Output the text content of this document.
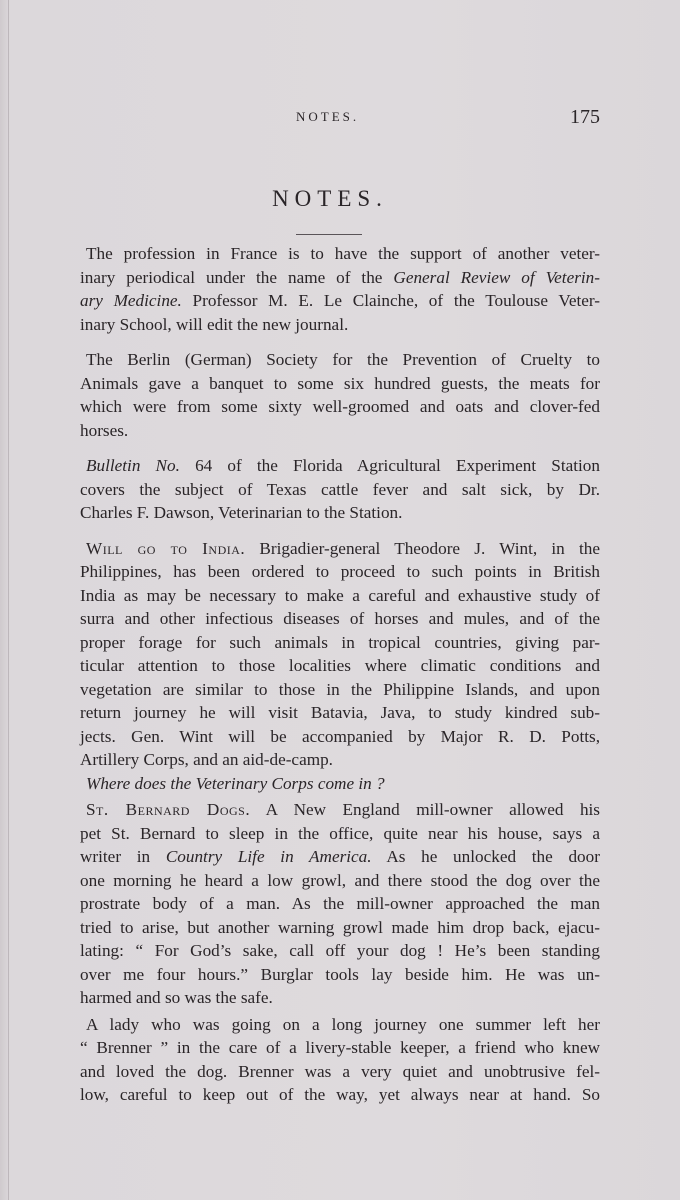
NOTES.	175
NOTES.
The profession in France is to have the support of another veter-
inary periodical under the name of the General Review of Veterin-
ary Medicine. Professor M. E. Le Clainche, of the Toulouse Veter-
inary School, will edit the new journal.
The Berlin (German) Society for the Prevention of Cruelty to
Animals gave a banquet to some six hundred guests, the meats for
which were from some sixty well-groomed and oats and clover-fed
horses.
Bulletin No. 64 of the Florida Agricultural Experiment Station
covers the subject of Texas cattle fever and salt sick, by Dr.
Charles F. Dawson, Veterinarian to the Station.
Will go to India. Brigadier-general Theodore J. Wint, in the
Philippines, has been ordered to proceed to such points in British
India as may be necessary to make a careful and exhaustive study of
surra and other infectious diseases of horses and mules, and of the
proper forage for such animals in tropical countries, giving par-
ticular attention to those localities where climatic conditions and
vegetation are similar to those in the Philippine Islands, and upon
return journey he will visit Batavia, Java, to study kindred sub-
jects. Gen. Wint will be accompanied by Major R. D. Potts,
Artillery Corps, and an aid-de-camp.
Where does the Veterinary Corps come in ?
St. Bernard Dogs. A New England mill-owner allowed his
pet St. Bernard to sleep in the office, quite near his house, says a
writer in Country Life in America. As he unlocked the door
one morning he heard a low growl, and there stood the dog over the
prostrate body of a man. As the mill-owner approached the man
tried to arise, but another warning growl made him drop back, ejacu-
lating: “ For God’s sake, call off your dog ! He’s been standing
over me four hours.” Burglar tools lay beside him. He was un-
harmed and so was the safe.
A lady who was going on a long journey one summer left her
“ Brenner ” in the care of a livery-stable keeper, a friend who knew
and loved the dog. Brenner was a very quiet and unobtrusive fel-
low, careful to keep out of the way, yet always near at hand. So
